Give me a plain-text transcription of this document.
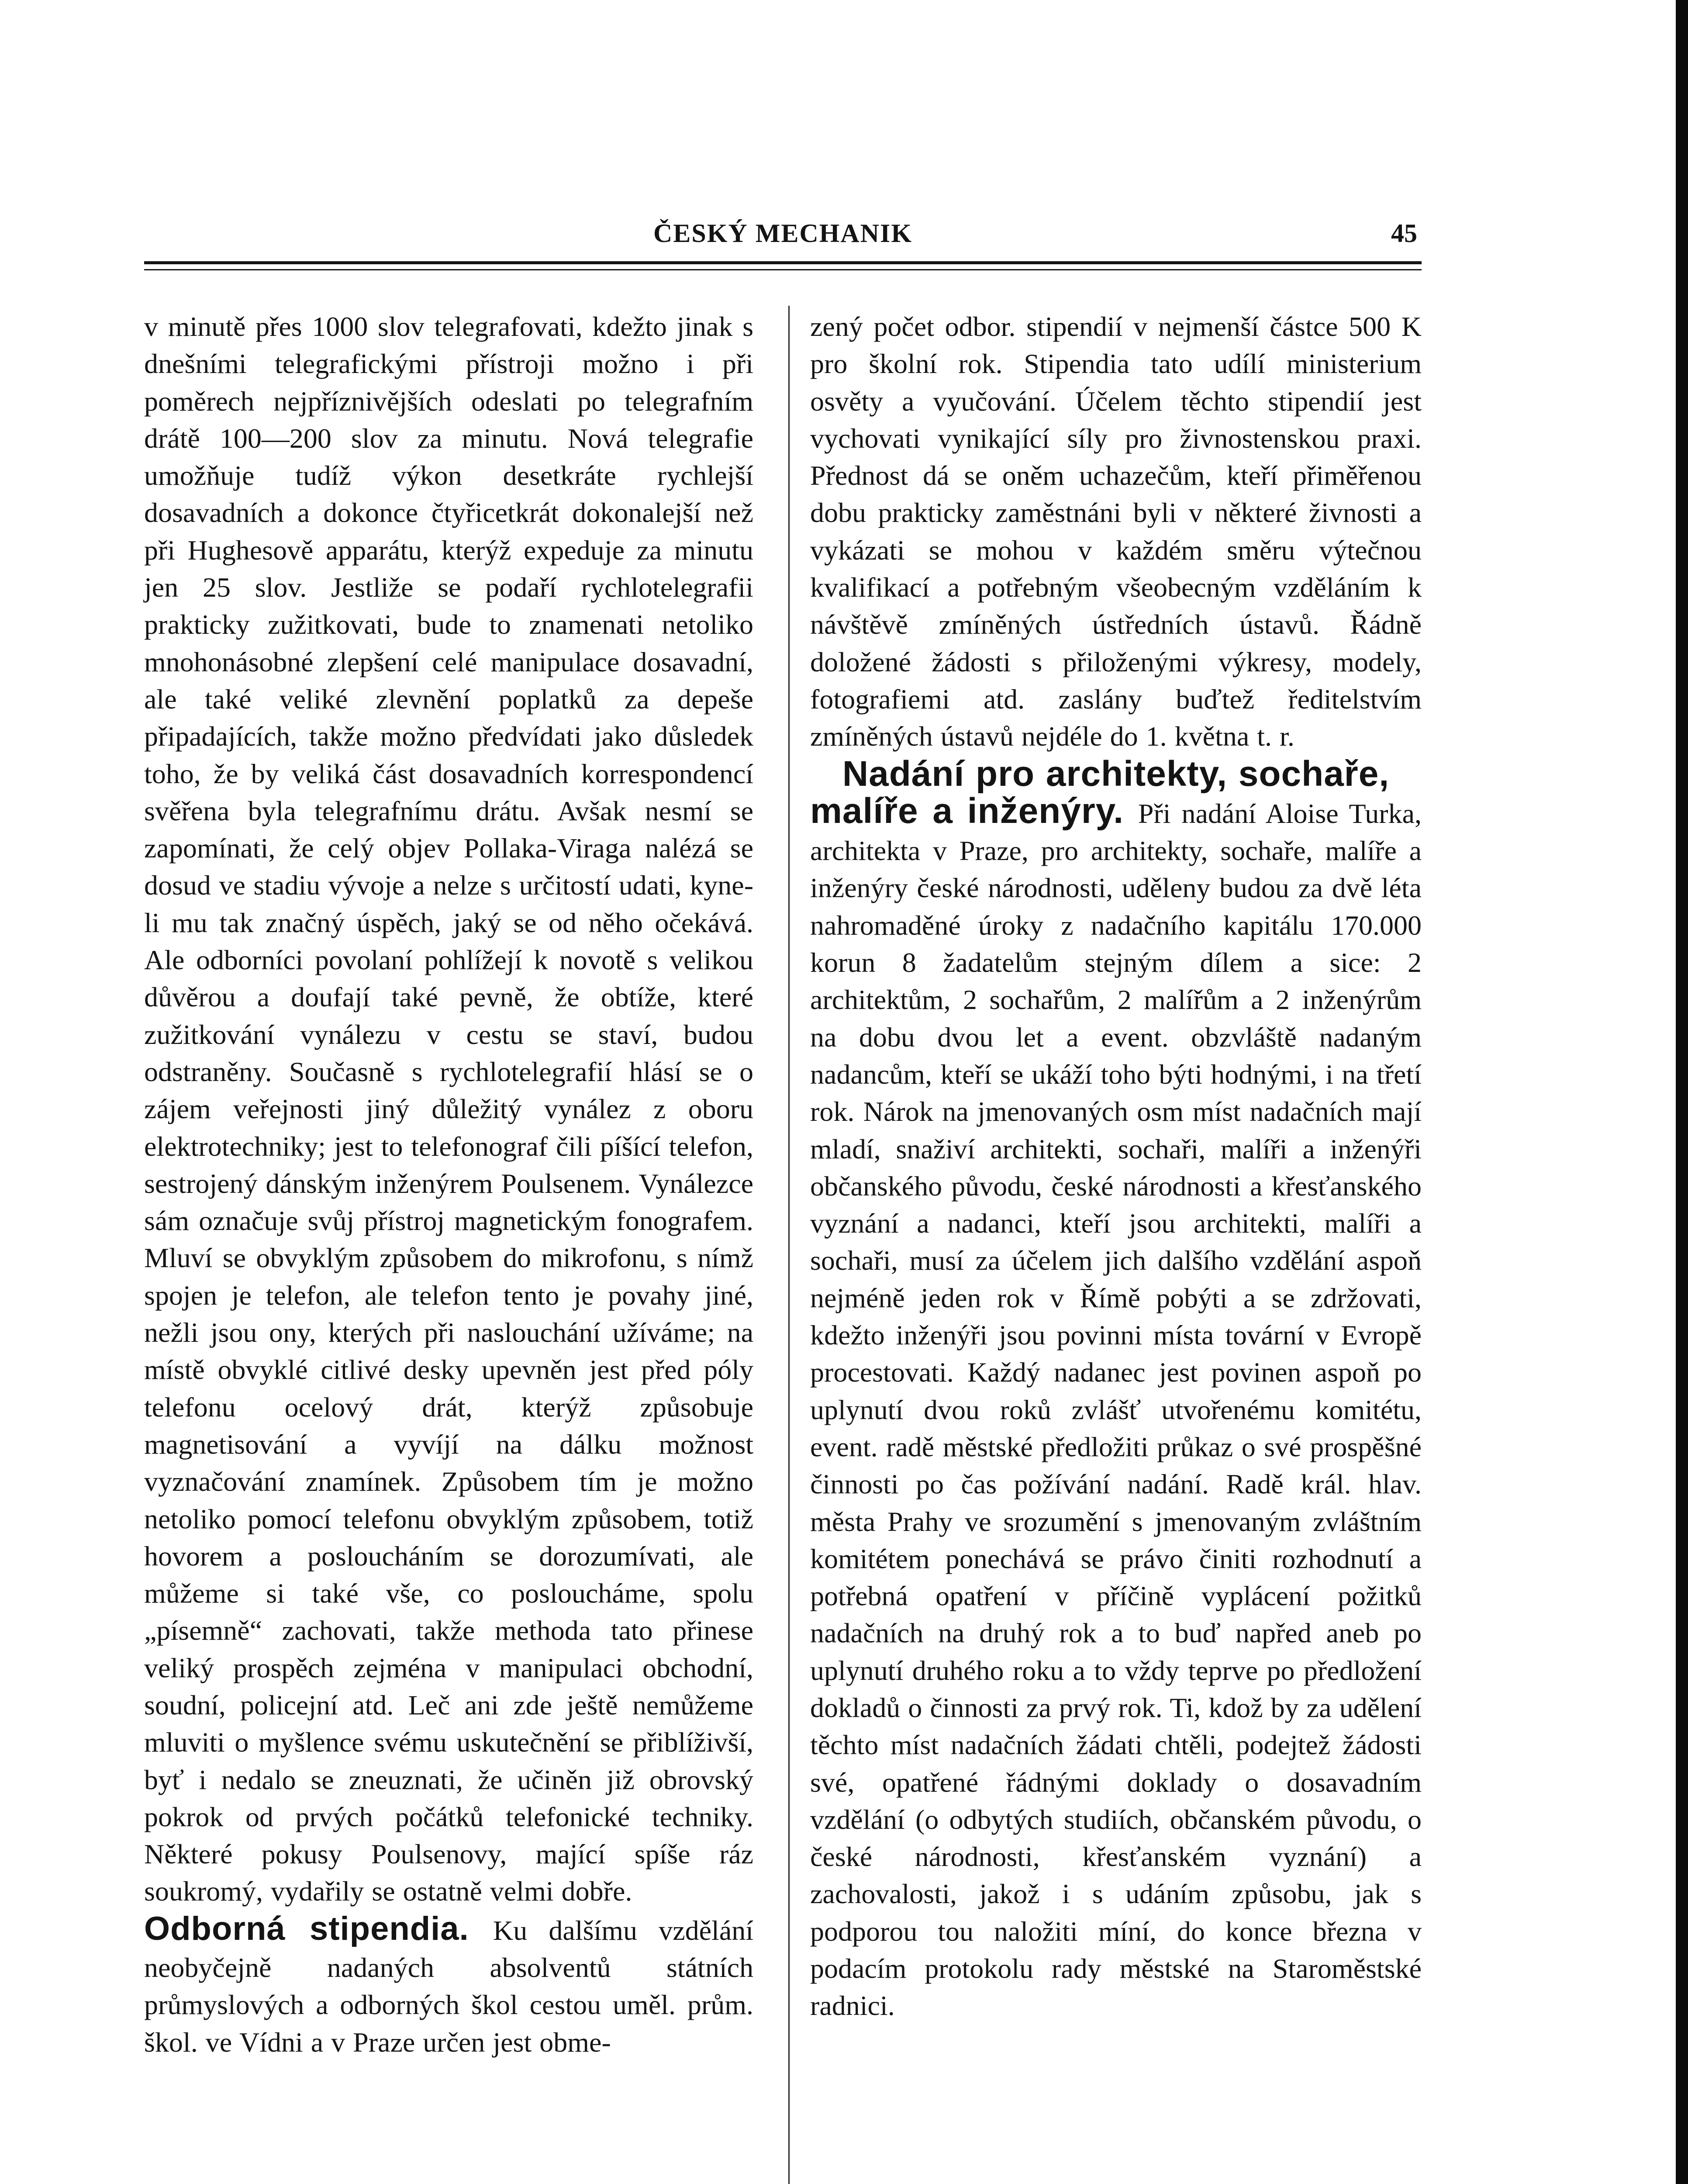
ČESKÝ MECHANIK	45

v minutě přes 1000 slov telegrafovati, kdežto jinak s dnešními telegrafickými přístroji možno i při poměrech nejpříznivějších odeslati po telegrafním drátě 100—200 slov za minutu. Nová telegrafie umožňuje tudíž výkon desetkráte rychlejší dosavadních a dokonce čtyřicetkrát dokonalejší než při Hughesově apparátu, kterýž expeduje za minutu jen 25 slov. Jestliže se podaří rychlotelegrafii prakticky zužitkovati, bude to znamenati netoliko mnohonásobné zlepšení celé manipulace dosavadní, ale také veliké zlevnění poplatků za depeše připadajících, takže možno předvídati jako důsledek toho, že by veliká část dosavadních korrespondencí svěřena byla telegrafnímu drátu. Avšak nesmí se zapomínati, že celý objev Pollaka-Viraga nalézá se dosud ve stadiu vývoje a nelze s určitostí udati, kyne-li mu tak značný úspěch, jaký se od něho očekává. Ale odborníci povolaní pohlížejí k novotě s velikou důvěrou a doufají také pevně, že obtíže, které zužitkování vynálezu v cestu se staví, budou odstraněny. Současně s rychlotelegrafií hlásí se o zájem veřejnosti jiný důležitý vynález z oboru elektrotechniky; jest to telefonograf čili píšící telefon, sestrojený dánským inženýrem Poulsenem. Vynálezce sám označuje svůj přístroj magnetickým fonografem. Mluví se obvyklým způsobem do mikrofonu, s nímž spojen je telefon, ale telefon tento je povahy jiné, nežli jsou ony, kterých při naslouchání užíváme; na místě obvyklé citlivé desky upevněn jest před póly telefonu ocelový drát, kterýž způsobuje magnetisování a vyvíjí na dálku možnost vyznačování znamínek. Způsobem tím je možno netoliko pomocí telefonu obvyklým způsobem, totiž hovorem a posloucháním se dorozumívati, ale můžeme si také vše, co posloucháme, spolu „písemně“ zachovati, takže methoda tato přinese veliký prospěch zejména v manipulaci obchodní, soudní, policejní atd. Leč ani zde ještě nemůžeme mluviti o myšlence svému uskutečnění se přiblíživší, byť i nedalo se zneuznati, že učiněn již obrovský pokrok od prvých počátků telefonické techniky. Některé pokusy Poulsenovy, mající spíše ráz soukromý, vydařily se ostatně velmi dobře.

Odborná stipendia. Ku dalšímu vzdělání neobyčejně nadaných absolventů státních průmyslových a odborných škol cestou uměl. prům. škol. ve Vídni a v Praze určen jest obme-

zený počet odbor. stipendií v nejmenší částce 500 K pro školní rok. Stipendia tato udílí ministerium osvěty a vyučování. Účelem těchto stipendií jest vychovati vynikající síly pro živnostenskou praxi. Přednost dá se oněm uchazečům, kteří přiměřenou dobu prakticky zaměstnáni byli v některé živnosti a vykázati se mohou v každém směru výtečnou kvalifikací a potřebným všeobecným vzděláním k návštěvě zmíněných ústředních ústavů. Řádně doložené žádosti s přiloženými výkresy, modely, fotografiemi atd. zaslány buďtež ředitelstvím zmíněných ústavů nejdéle do 1. května t. r.

Nadání pro architekty, sochaře,
malíře a inženýry. Při nadání Aloise Turka, architekta v Praze, pro architekty, sochaře, malíře a inženýry české národnosti, uděleny budou za dvě léta nahromaděné úroky z nadačního kapitálu 170.000 korun 8 žadatelům stejným dílem a sice: 2 architektům, 2 sochařům, 2 malířům a 2 inženýrům na dobu dvou let a event. obzvláště nadaným nadancům, kteří se ukáží toho býti hodnými, i na třetí rok. Nárok na jmenovaných osm míst nadačních mají mladí, snaživí architekti, sochaři, malíři a inženýři občanského původu, české národnosti a křesťanského vyznání a nadanci, kteří jsou architekti, malíři a sochaři, musí za účelem jich dalšího vzdělání aspoň nejméně jeden rok v Římě pobýti a se zdržovati, kdežto inženýři jsou povinni místa tovární v Evropě procestovati. Každý nadanec jest povinen aspoň po uplynutí dvou roků zvlášť utvořenému komitétu, event. radě městské předložiti průkaz o své prospěšné činnosti po čas požívání nadání. Radě král. hlav. města Prahy ve srozumění s jmenovaným zvláštním komitétem ponechává se právo činiti rozhodnutí a potřebná opatření v příčině vyplácení požitků nadačních na druhý rok a to buď napřed aneb po uplynutí druhého roku a to vždy teprve po předložení dokladů o činnosti za prvý rok. Ti, kdož by za udělení těchto míst nadačních žádati chtěli, podejtež žádosti své, opatřené řádnými doklady o dosavadním vzdělání (o odbytých studiích, občanském původu, o české národnosti, křesťanském vyznání) a zachovalosti, jakož i s udáním způsobu, jak s podporou tou naložiti míní, do konce března v podacím protokolu rady městské na Staroměstské radnici.
